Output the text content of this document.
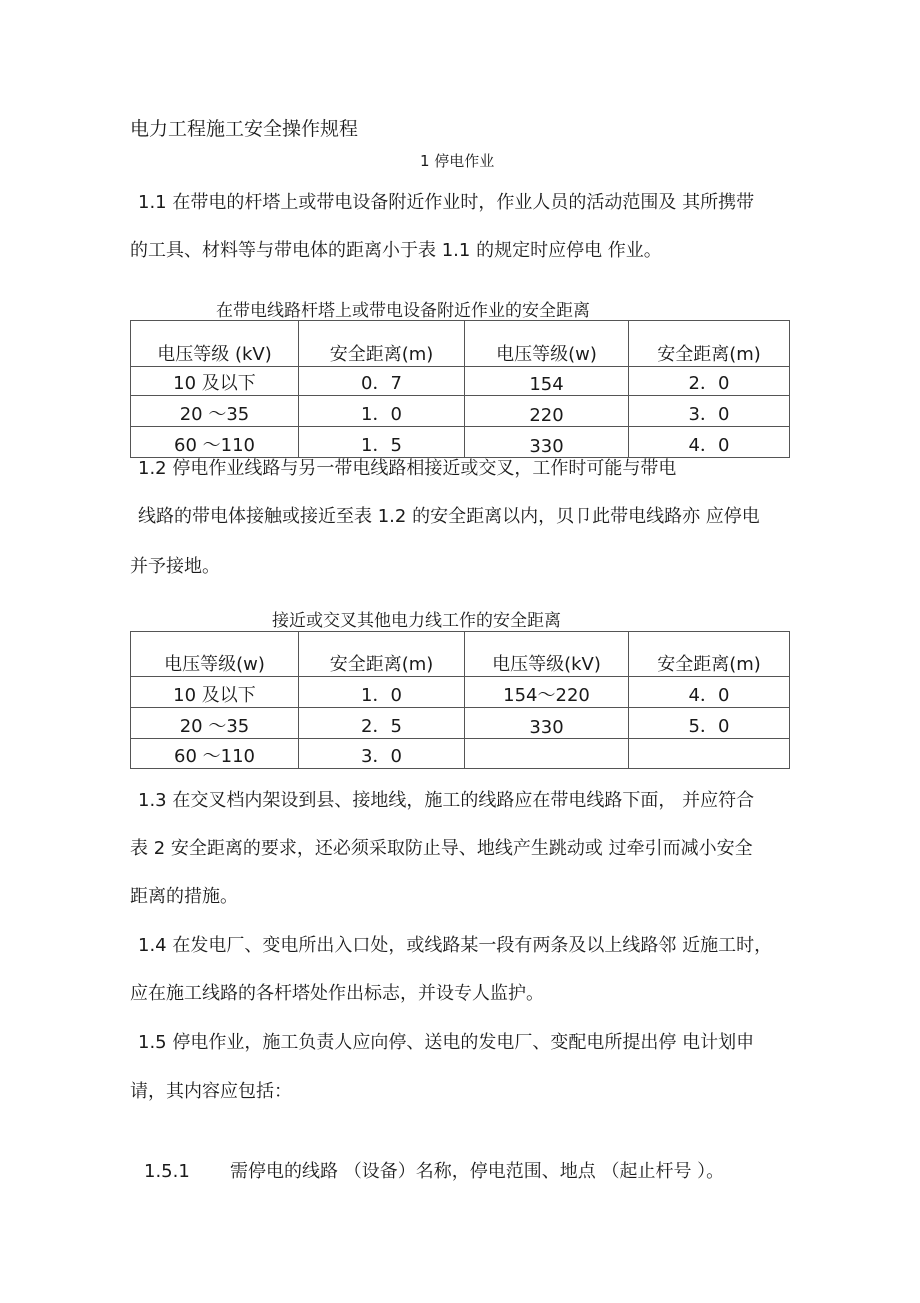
电力工程施工安全操作规程
1 停电作业
1.1 在带电的杆塔上或带电设备附近作业时，作业人员的活动范围及 其所携带
的工具、材料等与带电体的距离小于表 1.1 的规定时应停电 作业。
在带电线路杆塔上或带电设备附近作业的安全距离
电压等级 (kV)	安全距离(m)	电压等级(w)	安全距离(m)
10 及以下	0．7	154	2．0
20 ～35	1．0	220	3．0
60 ～110	1．5	330	4．0
1.2 停电作业线路与另一带电线路相接近或交叉，工作时可能与带电
线路的带电体接触或接近至表 1.2 的安全距离以内，贝卩此带电线路亦 应停电
并予接地。
接近或交叉其他电力线工作的安全距离
电压等级(w)	安全距离(m)	电压等级(kV)	安全距离(m)
10 及以下	1．0	154～220	4．0
20 ～35	2．5	330	5．0
60 ～110	3．0		
1.3 在交叉档内架设到县、接地线，施工的线路应在带电线路下面， 并应符合
表 2 安全距离的要求，还必须采取防止导、地线产生跳动或 过牵引而减小安全
距离的措施。
1.4 在发电厂、变电所出入口处，或线路某一段有两条及以上线路邻 近施工时，
应在施工线路的各杆塔处作出标志，并设专人监护。
1.5 停电作业，施工负责人应向停、送电的发电厂、变配电所提出停 电计划申
请，其内容应包括：
1.5.1 需停电的线路 （设备）名称，停电范围、地点 （起止杆号 ）。
